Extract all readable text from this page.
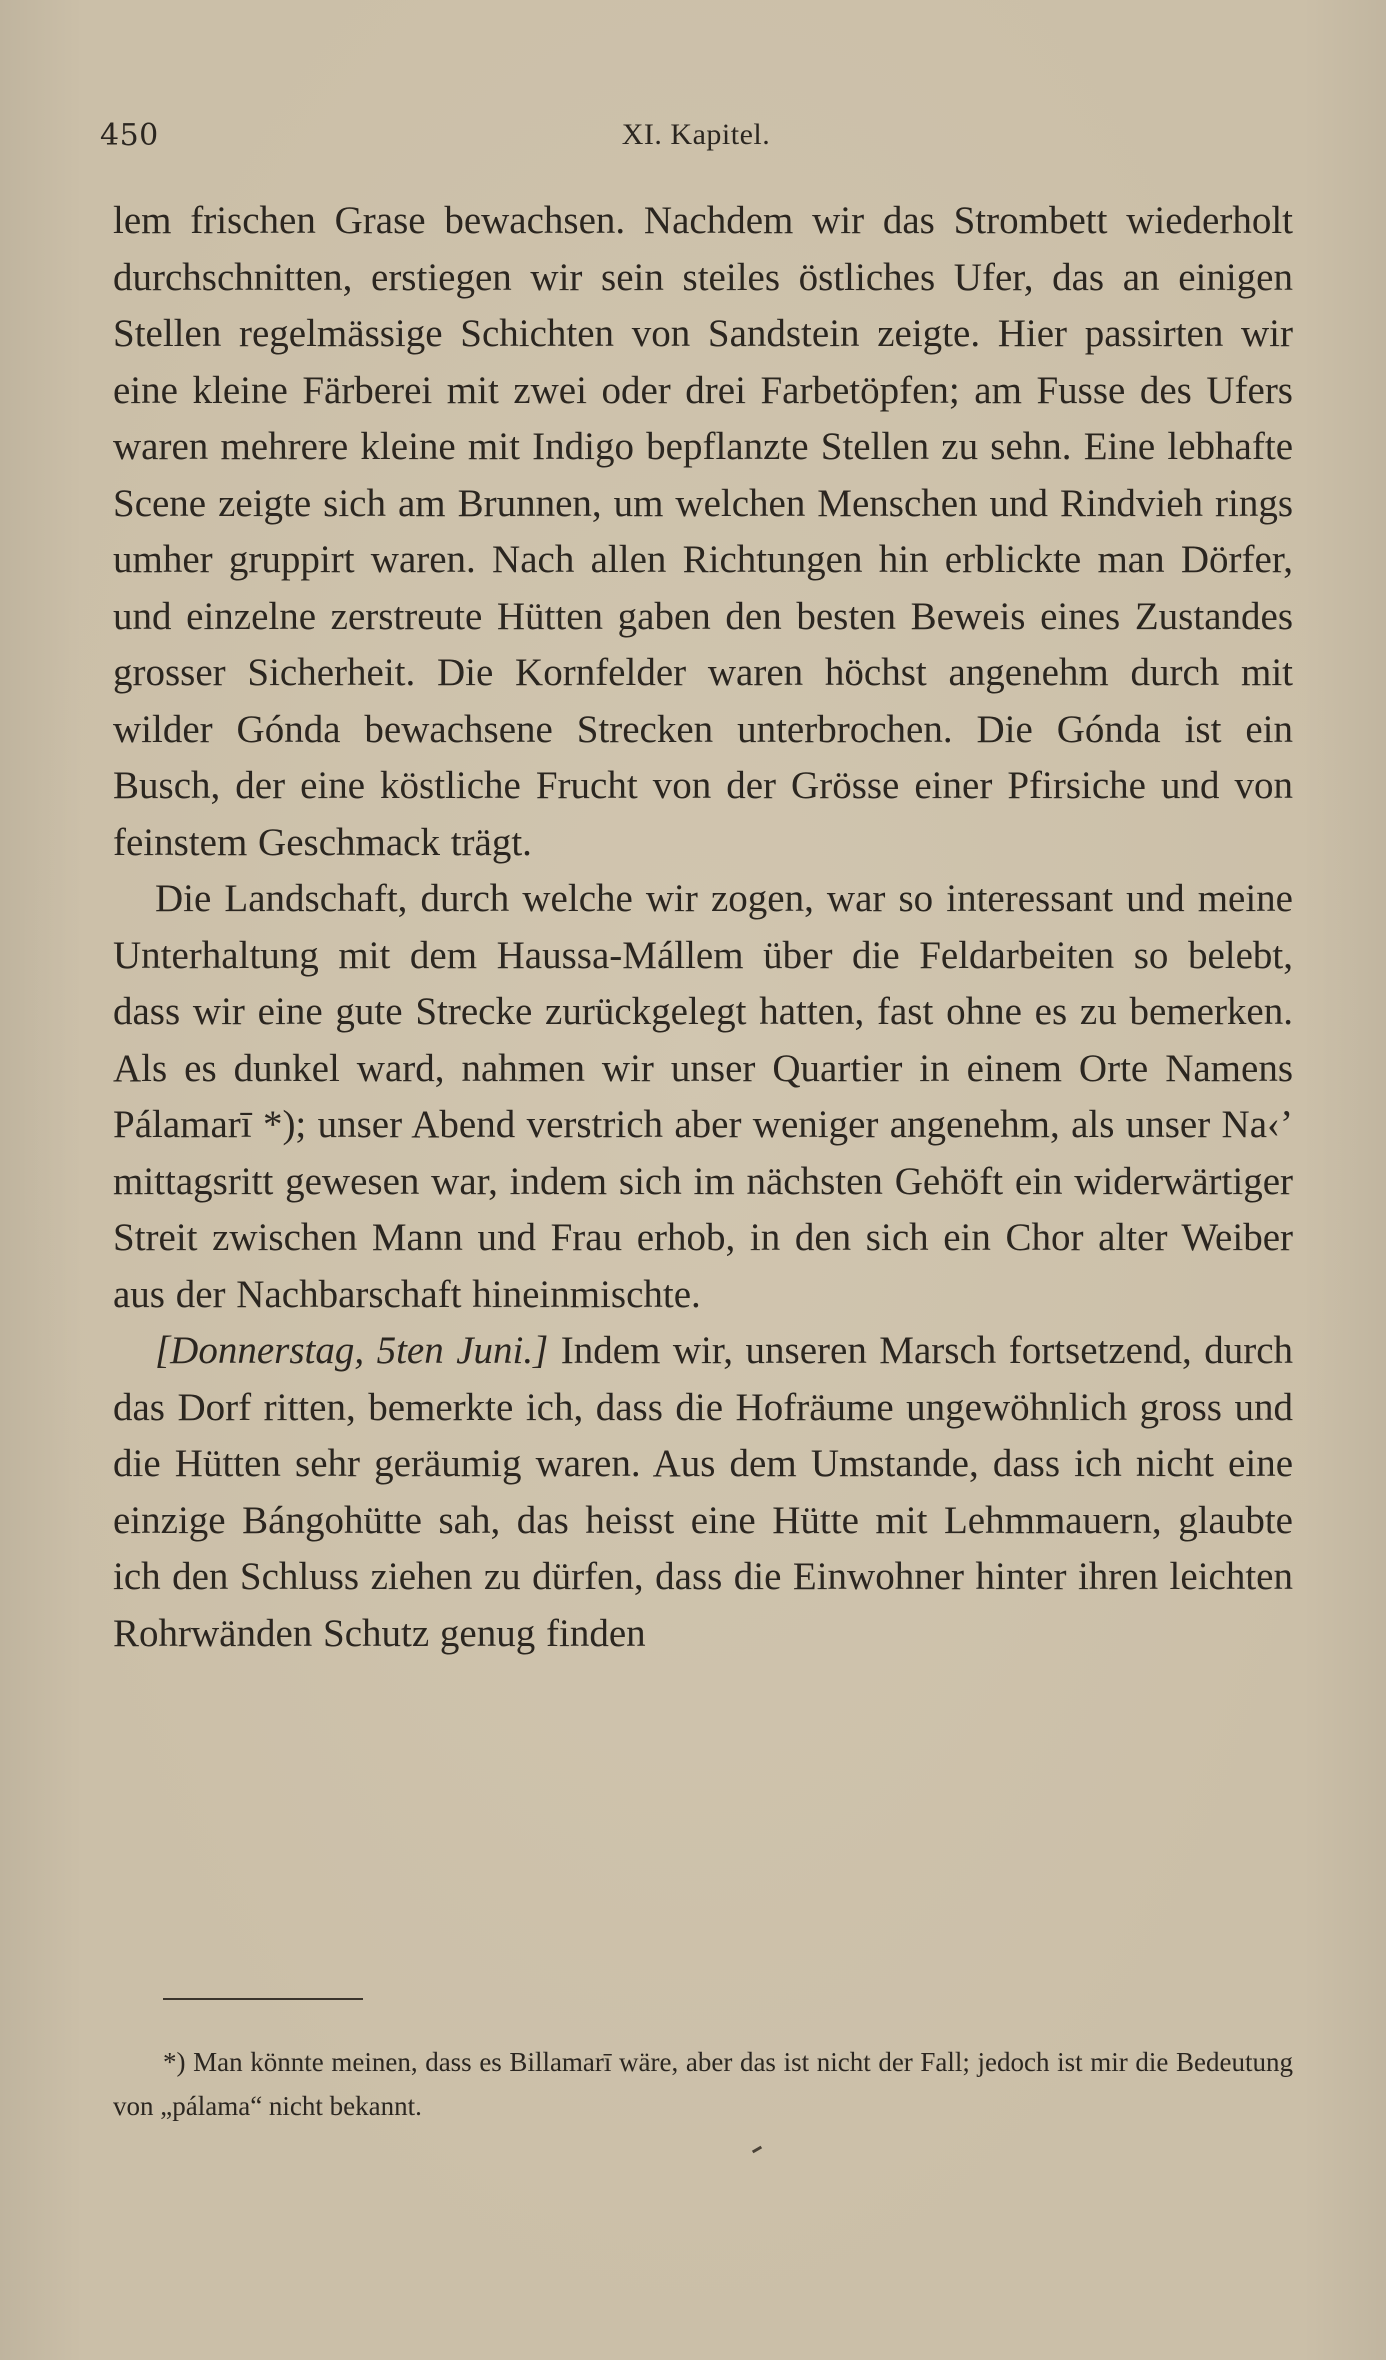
450	XI. Kapitel.

lem frischen Grase bewachsen. Nachdem wir das Strombett wiederholt durchschnitten, erstiegen wir sein steiles östliches Ufer, das an einigen Stellen regelmässige Schichten von Sandstein zeigte. Hier passirten wir eine kleine Färberei mit zwei oder drei Farbetöpfen; am Fusse des Ufers waren mehrere kleine mit Indigo bepflanzte Stellen zu sehn. Eine lebhafte Scene zeigte sich am Brunnen, um welchen Menschen und Rindvieh rings umher gruppirt waren. Nach allen Richtungen hin erblickte man Dörfer, und einzelne zerstreute Hütten gaben den besten Beweis eines Zustandes grosser Sicherheit. Die Kornfelder waren höchst angenehm durch mit wilder Gónda bewachsene Strecken unterbrochen. Die Gónda ist ein Busch, der eine köstliche Frucht von der Grösse einer Pfirsiche und von feinstem Geschmack trägt.

Die Landschaft, durch welche wir zogen, war so interessant und meine Unterhaltung mit dem Haussa-Mállem über die Feldarbeiten so belebt, dass wir eine gute Strecke zurückgelegt hatten, fast ohne es zu bemerken. Als es dunkel ward, nahmen wir unser Quartier in einem Orte Namens Pálamarī *); unser Abend verstrich aber weniger angenehm, als unser Na‹ʼ mittagsritt gewesen war, indem sich im nächsten Gehöft ein widerwärtiger Streit zwischen Mann und Frau erhob, in den sich ein Chor alter Weiber aus der Nachbarschaft hineinmischte.

[Donnerstag, 5ten Juni.] Indem wir, unseren Marsch fortsetzend, durch das Dorf ritten, bemerkte ich, dass die Hofräume ungewöhnlich gross und die Hütten sehr geräumig waren. Aus dem Umstande, dass ich nicht eine einzige Bángohütte sah, das heisst eine Hütte mit Lehmmauern, glaubte ich den Schluss ziehen zu dürfen, dass die Einwohner hinter ihren leichten Rohrwänden Schutz genug finden

*) Man könnte meinen, dass es Billamarī wäre, aber das ist nicht der Fall; jedoch ist mir die Bedeutung von „pálama“ nicht bekannt.
